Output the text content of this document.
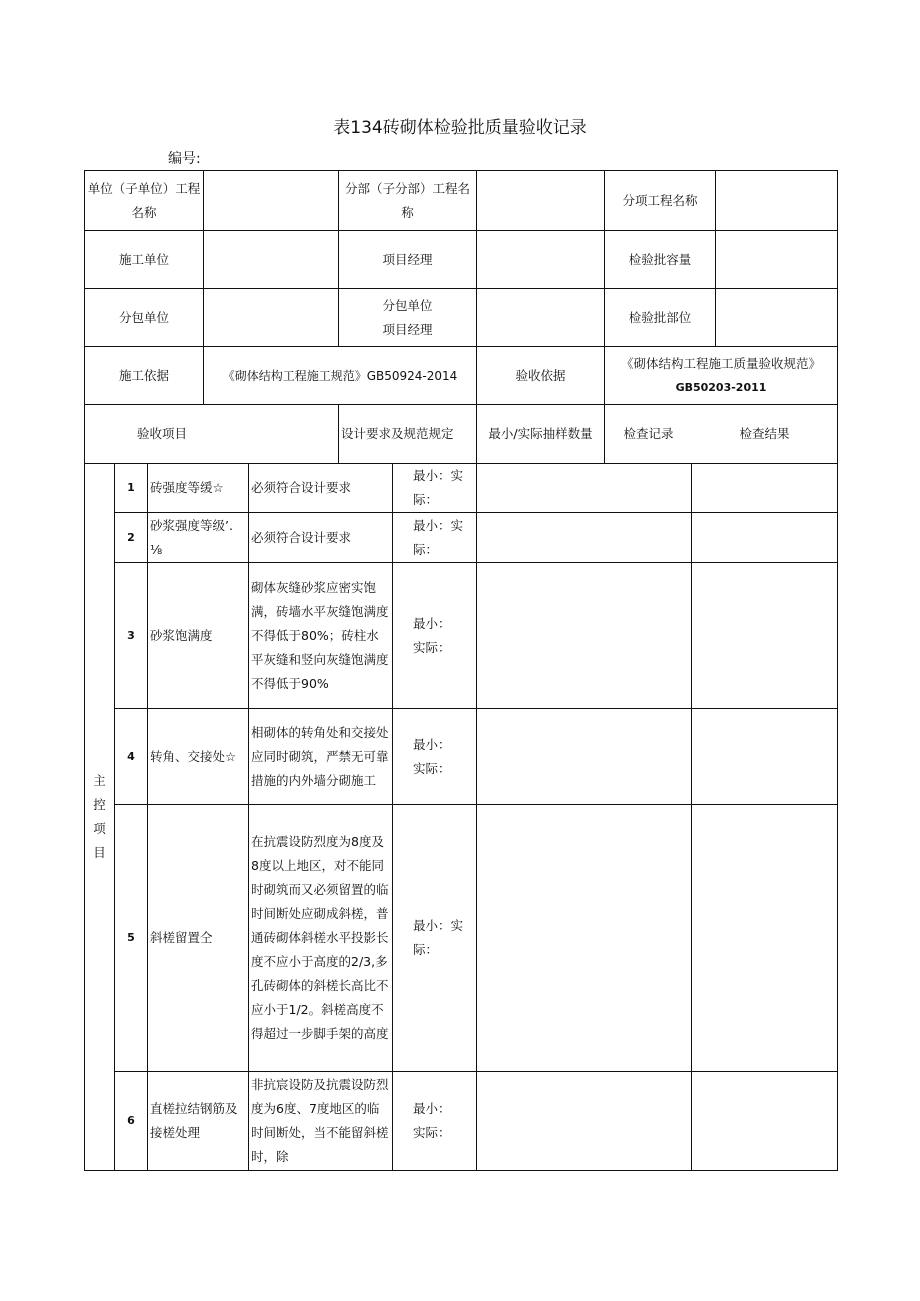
表134砖砌体检验批质量验收记录
编号:
单位（子单位）工程名称		分部（子分部）工程名称		分项工程名称	
施工单位		项目经理		检验批容量	
分包单位		分包单位项目经理		检验批部位	
施工依据	《砌体结构工程施工规范》GB50924-2014		验收依据	《砌体结构工程施工质量验收规范》
GB50203-2011	

验收项目		设计要求及规范规定	最小/实际抽样数量	检查记录 检查结果	
主控项目	1	砖强度等缓☆	必须符合设计要求	最小：实际：		
	2	砂浆强度等级’. ⅛	必须符合设计要求	最小：实际：		
	3	砂浆饱满度	砌体灰缝砂浆应密实饱满，砖墙水平灰缝饱满度不得低于80%；砖柱水平灰缝和竖向灰缝饱满度不得低于90%	最小：
实际：		

	4	转角、交接处☆	相砌体的转角处和交接处应同时砌筑，严禁无可靠措施的内外墙分砌施工	最小：
实际：		

	5	斜槎留置仝	在抗震设防烈度为8度及8度以上地区，对不能同时砌筑而又必须留置的临时间断处应砌成斜槎，普通砖砌体斜槎水平投影长度不应小于高度的2/3,多孔砖砌体的斜槎长高比不应小于1/2。斜槎高度不得超过一步脚手架的高度	最小：实际：		
	6	直槎拉结钢筋及接槎处理	非抗宸设防及抗震设防烈度为6度、7度地区的临时间断处，当不能留斜槎时，除	最小：
实际：		
